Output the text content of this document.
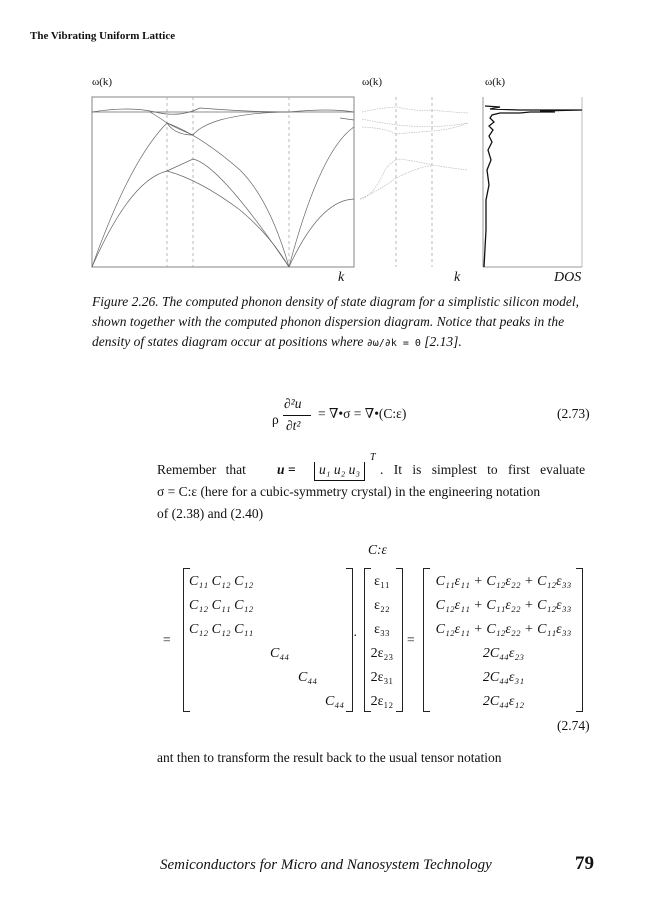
The Vibrating Uniform Lattice
ω(k)	ω(k)	ω(k)
k	k	DOS
Figure 2.26. The computed phonon density of state diagram for a simplistic silicon model, shown together with the computed phonon dispersion diagram. Notice that peaks in the density of states diagram occur at positions where ∂ω/∂k = 0 [2.13].
ρ
∂²u
∂t²
= ∇•σ = ∇•(C:ε)	(2.73)
Remember that u =	u₁ u₂ u₃
T
. It is simplest to first evaluate
σ = C:ε (here for a cubic-symmetry crystal) in the engineering notation
of (2.38) and (2.40)
C:ε
=
C₁₁ C₁₂ C₁₂
C₁₂ C₁₁ C₁₂
C₁₂ C₁₂ C₁₁
C₄₄
C₄₄
C₄₄
·
ε₁₁
ε₂₂
ε₃₃
2ε₂₃
2ε₃₁
2ε₁₂
=
C₁₁ε₁₁ + C₁₂ε₂₂ + C₁₂ε₃₃
C₁₂ε₁₁ + C₁₁ε₂₂ + C₁₂ε₃₃
C₁₂ε₁₁ + C₁₂ε₂₂ + C₁₁ε₃₃
2C₄₄ε₂₃
2C₄₄ε₃₁
2C₄₄ε₁₂
(2.74)
ant then to transform the result back to the usual tensor notation
Semiconductors for Micro and Nanosystem Technology	79
